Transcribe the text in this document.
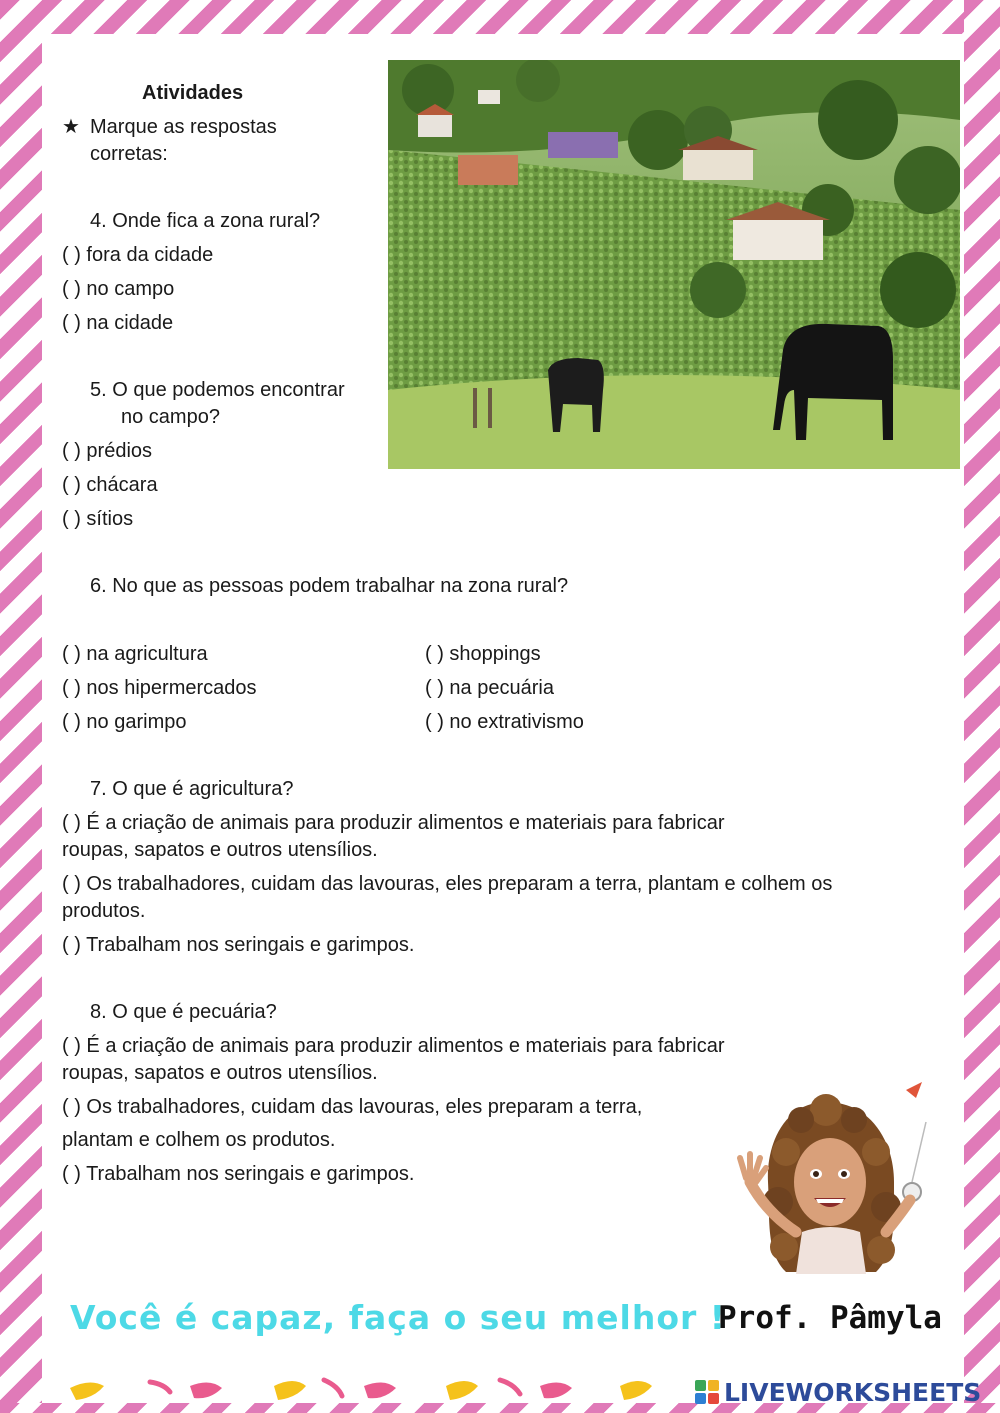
Atividades
★ Marque as respostas corretas:
4. Onde fica a zona rural?
( ) fora da cidade
( ) no campo
( ) na cidade
5. O que podemos encontrar
no campo?
( ) prédios
( ) chácara
( ) sítios
6. No que as pessoas podem trabalhar na zona rural?
( ) na agricultura
( ) nos hipermercados
( ) no garimpo
( ) shoppings
( ) na pecuária
( ) no extrativismo
7. O que é agricultura?
( ) É a criação de animais para produzir alimentos e materiais para fabricar
roupas, sapatos e outros utensílios.
( ) Os trabalhadores, cuidam das lavouras, eles preparam a terra, plantam e colhem os
produtos.
( ) Trabalham nos seringais e garimpos.
8. O que é pecuária?
( ) É a criação de animais para produzir alimentos e materiais para fabricar
roupas, sapatos e outros utensílios.
( ) Os trabalhadores, cuidam das lavouras, eles preparam a terra,
plantam e colhem os produtos.
( ) Trabalham nos seringais e garimpos.
Você é capaz, faça o seu melhor !
Prof. Pâmyla
LIVEWORKSHEETS
